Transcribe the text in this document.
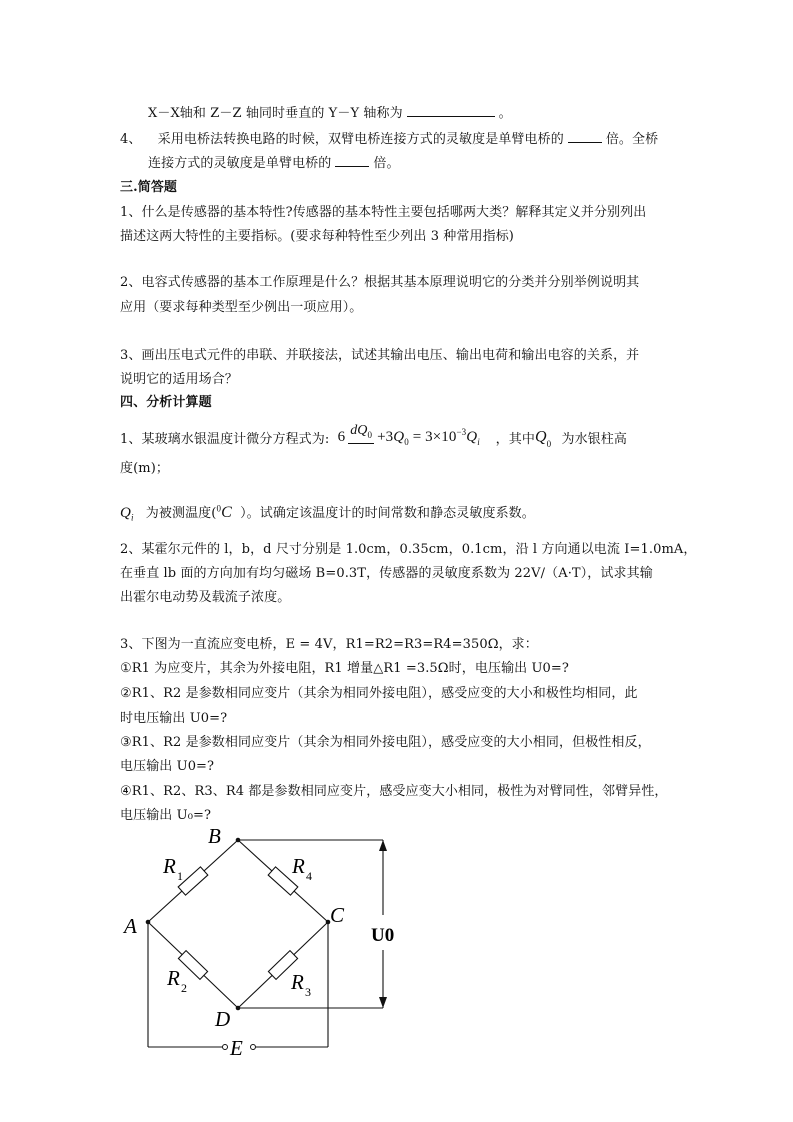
X－X轴和 Z－Z 轴同时垂直的 Y－Y 轴称为	。
4、 采用电桥法转换电路的时候，双臂电桥连接方式的灵敏度是单臂电桥的	倍。全桥
连接方式的灵敏度是单臂电桥的	倍。
三.简答题
1、什么是传感器的基本特性?传感器的基本特性主要包括哪两大类？解释其定义并分别列出
描述这两大特性的主要指标。(要求每种特性至少列出 3 种常用指标)
2、电容式传感器的基本工作原理是什么？根据其基本原理说明它的分类并分别举例说明其
应用（要求每种类型至少例出一项应用）。
3、画出压电式元件的串联、并联接法，试述其输出电压、输出电荷和输出电容的关系，并
说明它的适用场合？
四、分析计算题
1、某玻璃水银温度计微分方程式为: 6 $dQ_0$
$+3Q_0 = 3\times 10^{-3}Q_i$ ，其中$Q_0$ 为水银柱高
度(m)；
$Q_i$ 为被测温度($^0$C ）。试确定该温度计的时间常数和静态灵敏度系数。
2、某霍尔元件的 l，b，d 尺寸分别是 1.0cm，0.35cm，0.1cm，沿 l 方向通以电流 I=1.0mA，
在垂直 lb 面的方向加有均匀磁场 B=0.3T，传感器的灵敏度系数为 22V/（A·T），试求其输
出霍尔电动势及载流子浓度。
3、下图为一直流应变电桥，E = 4V，R1=R2=R3=R4=350Ω，求：
①R1 为应变片，其余为外接电阻，R1 增量△R1 =3.5Ω时，电压输出 U0=?
②R1、R2 是参数相同应变片（其余为相同外接电阻），感受应变的大小和极性均相同，此
时电压输出 U0=?
③R1、R2 是参数相同应变片（其余为相同外接电阻），感受应变的大小相同，但极性相反，
电压输出 U0=?
④R1、R2、R3、R4 都是参数相同应变片，感受应变大小相同，极性为对臂同性，邻臂异性，
电压输出 U₀=?
B
A	C
D
E
R 1	R 4
R 2	R 3
U0
